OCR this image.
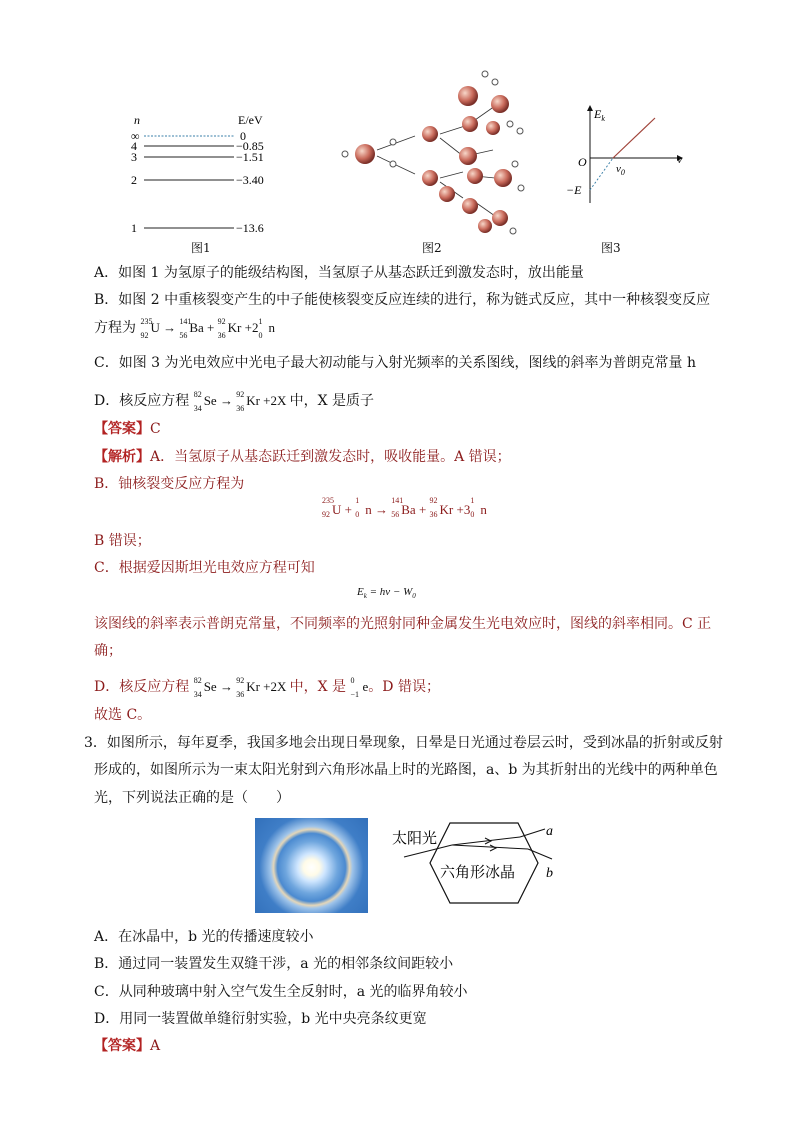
n	E/eV
∞
4
3
2
1
0
−0.85
−1.51
−3.40
−13.6
图1	图2
$E_k$
O	ν
$\nu_0$
−E
图3
A．如图 1 为氢原子的能级结构图，当氢原子从基态跃迁到激发态时，放出能量
B．如图 2 中重核裂变产生的中子能使核裂变反应连续的进行，称为链式反应，其中一种核裂变反应
方程为 235
92
U → 141
56
Ba + 92
36
Kr +2 1
0
n
C．如图 3 为光电效应中光电子最大初动能与入射光频率的关系图线，图线的斜率为普朗克常量 h
D．核反应方程 82
34
Se → 92
36
Kr +2X 中，X 是质子
【答案】C
【解析】A．当氢原子从基态跃迁到激发态时，吸收能量。A 错误；
B．铀核裂变反应方程为
235
92 U +
1
0 n →
141
56 Ba +
92
36 Kr +3
1
0 n
B 错误；
C．根据爱因斯坦光电效应方程可知
$E_k = h\nu - W_0$
该图线的斜率表示普朗克常量，不同频率的光照射同种金属发生光电效应时，图线的斜率相同。C 正
确；
D．核反应方程 82
34
Se → 92
36
Kr +2X 中，X 是 0
−1
e。D 错误；
故选 C。
3．如图所示，每年夏季，我国多地会出现日晕现象，日晕是日光通过卷层云时，受到冰晶的折射或反射
形成的，如图所示为一束太阳光射到六角形冰晶上时的光路图，a、b 为其折射出的光线中的两种单色
光，下列说法正确的是（　　）
太阳光
六角形冰晶
a
b
A．在冰晶中，b 光的传播速度较小
B．通过同一装置发生双缝干涉，a 光的相邻条纹间距较小
C．从同种玻璃中射入空气发生全反射时，a 光的临界角较小
D．用同一装置做单缝衍射实验，b 光中央亮条纹更宽
【答案】A
